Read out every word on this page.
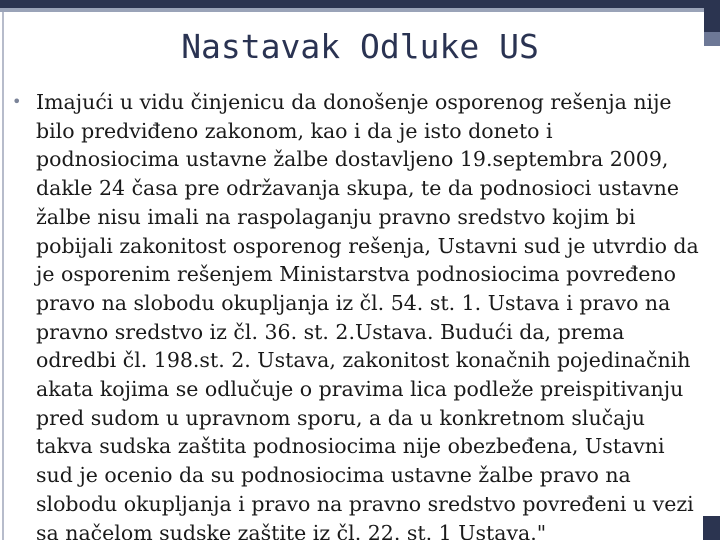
Nastavak Odluke US
• Imajući u vidu činjenicu da donošenje osporenog rešenja nije
bilo predviđeno zakonom, kao i da je isto doneto i
podnosiocima ustavne žalbe dostavljeno 19.septembra 2009,
dakle 24 časa pre održavanja skupa, te da podnosioci ustavne
žalbe nisu imali na raspolaganju pravno sredstvo kojim bi
pobijali zakonitost osporenog rešenja, Ustavni sud je utvrdio da
je osporenim rešenjem Ministarstva podnosiocima povređeno
pravo na slobodu okupljanja iz čl. 54. st. 1. Ustava i pravo na
pravno sredstvo iz čl. 36. st. 2.Ustava. Budući da, prema
odredbi čl. 198.st. 2. Ustava, zakonitost konačnih pojedinačnih
akata kojima se odlučuje o pravima lica podleže preispitivanju
pred sudom u upravnom sporu, a da u konkretnom slučaju
takva sudska zaštita podnosiocima nije obezbeđena, Ustavni
sud je ocenio da su podnosiocima ustavne žalbe pravo na
slobodu okupljanja i pravo na pravno sredstvo povređeni u vezi
sa načelom sudske zaštite iz čl. 22. st. 1 Ustava."
